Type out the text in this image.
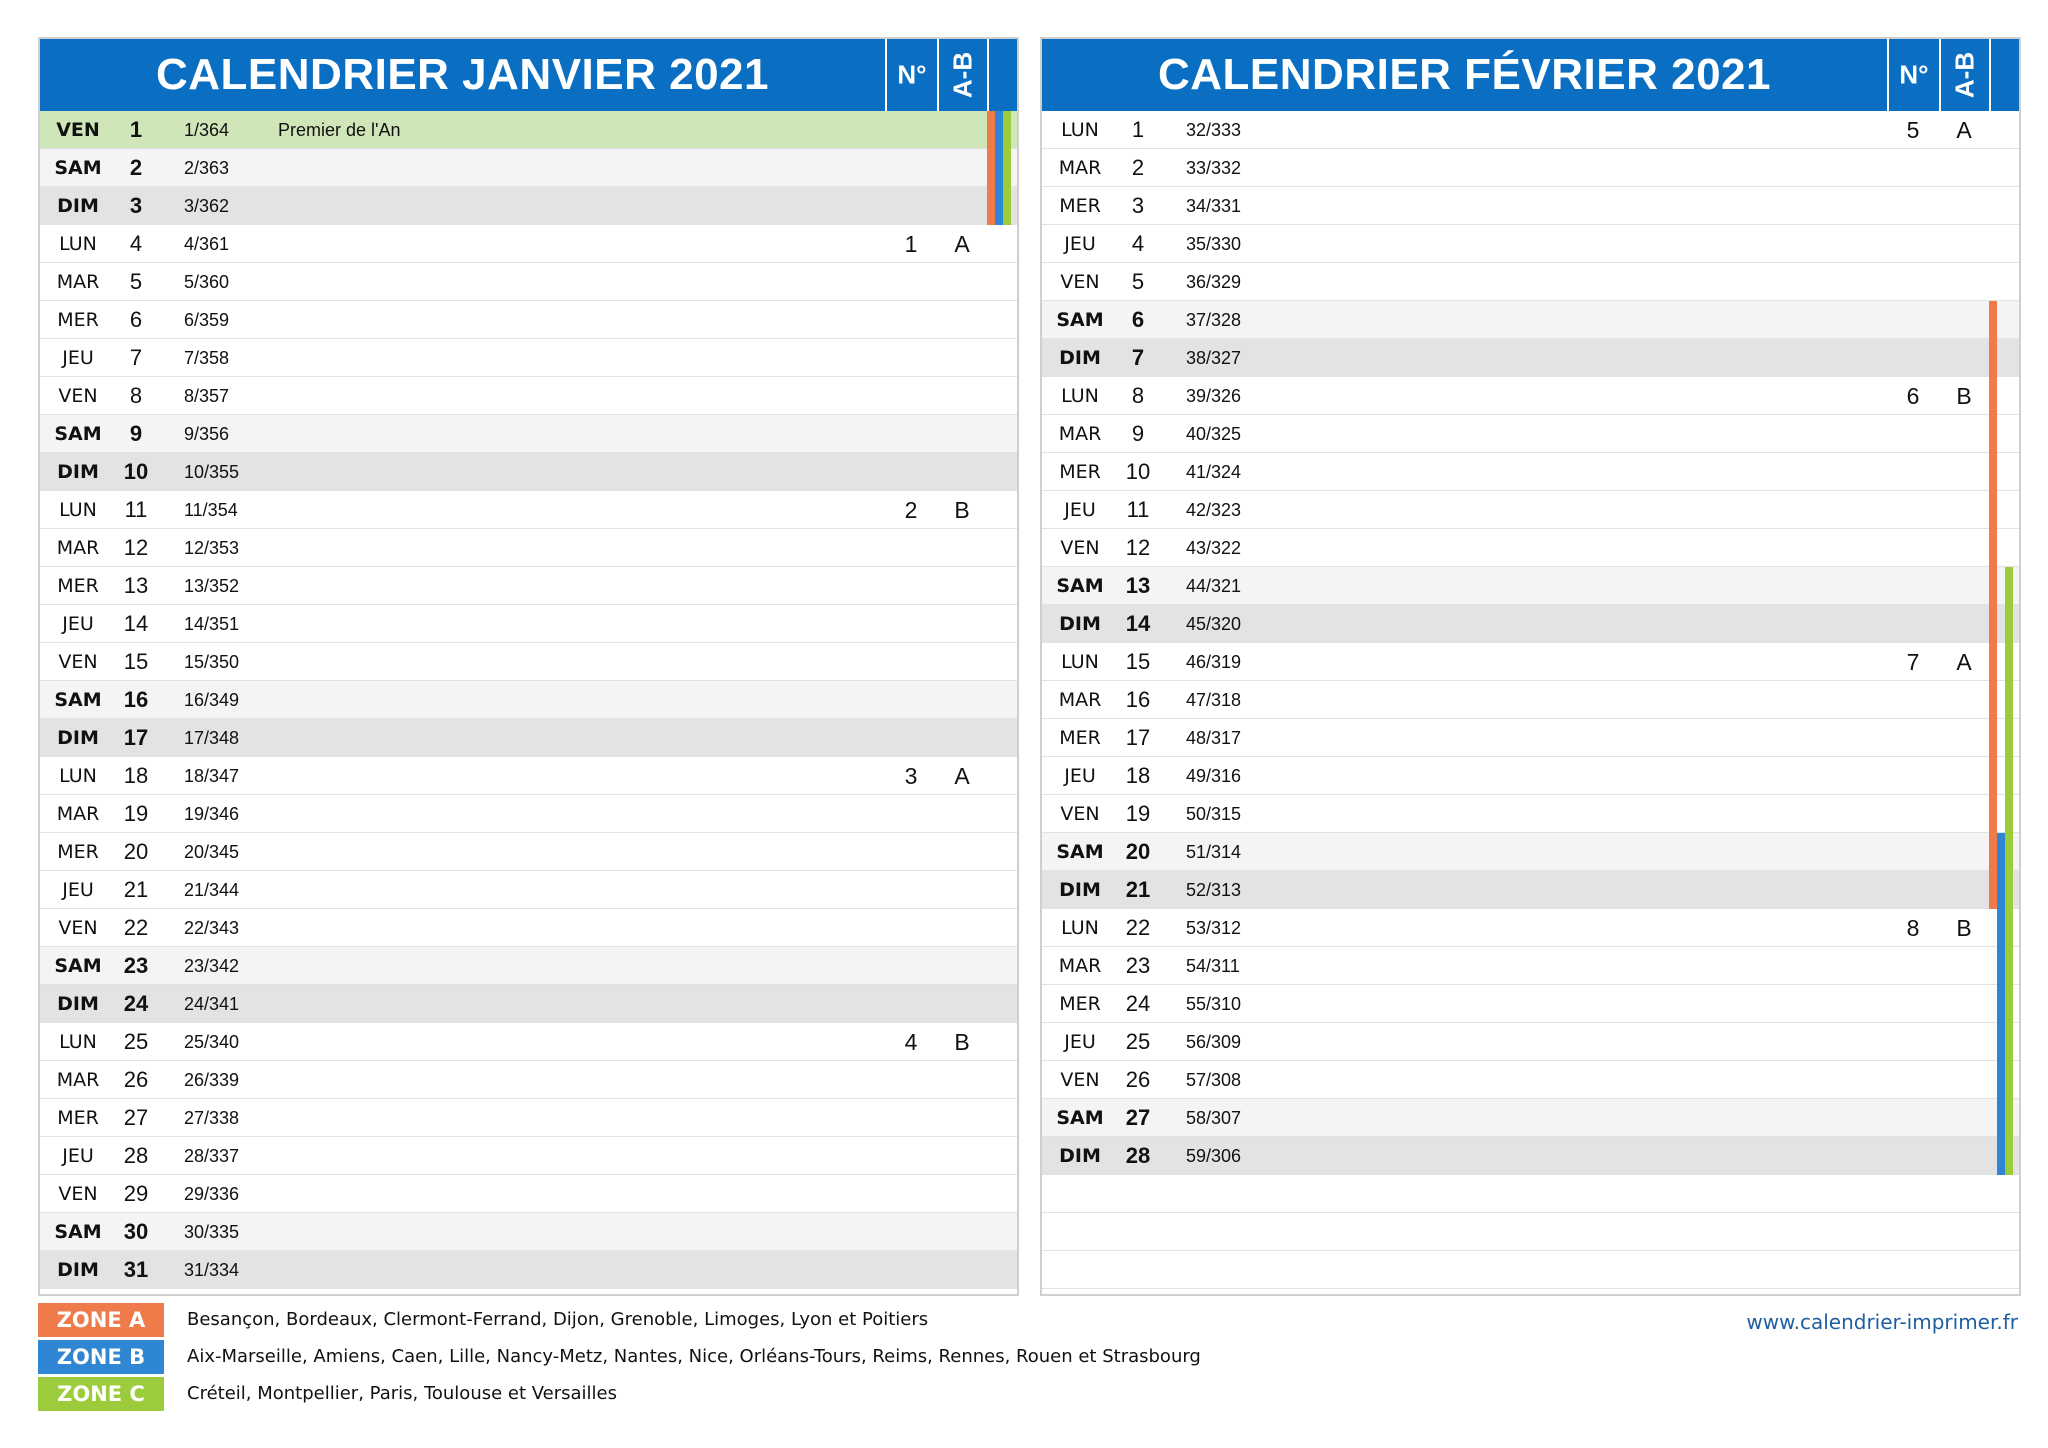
CALENDRIER JANVIER 2021	N° A-B
VEN	1	1/364	Premier de l'An
SAM	2	2/363
DIM	3	3/362
LUN	4	4/361	1	A
MAR	5	5/360
MER	6	6/359
JEU	7	7/358
VEN	8	8/357
SAM	9	9/356
DIM	10	10/355
LUN	11	11/354	2	B
MAR	12	12/353
MER	13	13/352
JEU	14	14/351
VEN	15	15/350
SAM	16	16/349
DIM	17	17/348
LUN	18	18/347	3	A
MAR	19	19/346
MER	20	20/345
JEU	21	21/344
VEN	22	22/343
SAM	23	23/342
DIM	24	24/341
LUN	25	25/340	4	B
MAR	26	26/339
MER	27	27/338
JEU	28	28/337
VEN	29	29/336
SAM	30	30/335
DIM	31	31/334
CALENDRIER FÉVRIER 2021	N° A-B
LUN	1	32/333	5	A
MAR	2	33/332
MER	3	34/331
JEU	4	35/330
VEN	5	36/329
SAM	6	37/328
DIM	7	38/327
LUN	8	39/326	6	B
MAR	9	40/325
MER	10	41/324
JEU	11	42/323
VEN	12	43/322
SAM	13	44/321
DIM	14	45/320
LUN	15	46/319	7	A
MAR	16	47/318
MER	17	48/317
JEU	18	49/316
VEN	19	50/315
SAM	20	51/314
DIM	21	52/313
LUN	22	53/312	8	B
MAR	23	54/311
MER	24	55/310
JEU	25	56/309
VEN	26	57/308
SAM	27	58/307
DIM	28	59/306
ZONE A	Besançon, Bordeaux, Clermont-Ferrand, Dijon, Grenoble, Limoges, Lyon et Poitiers
ZONE B	Aix-Marseille, Amiens, Caen, Lille, Nancy-Metz, Nantes, Nice, Orléans-Tours, Reims, Rennes, Rouen et Strasbourg
ZONE C	Créteil, Montpellier, Paris, Toulouse et Versailles
www.calendrier-imprimer.fr
